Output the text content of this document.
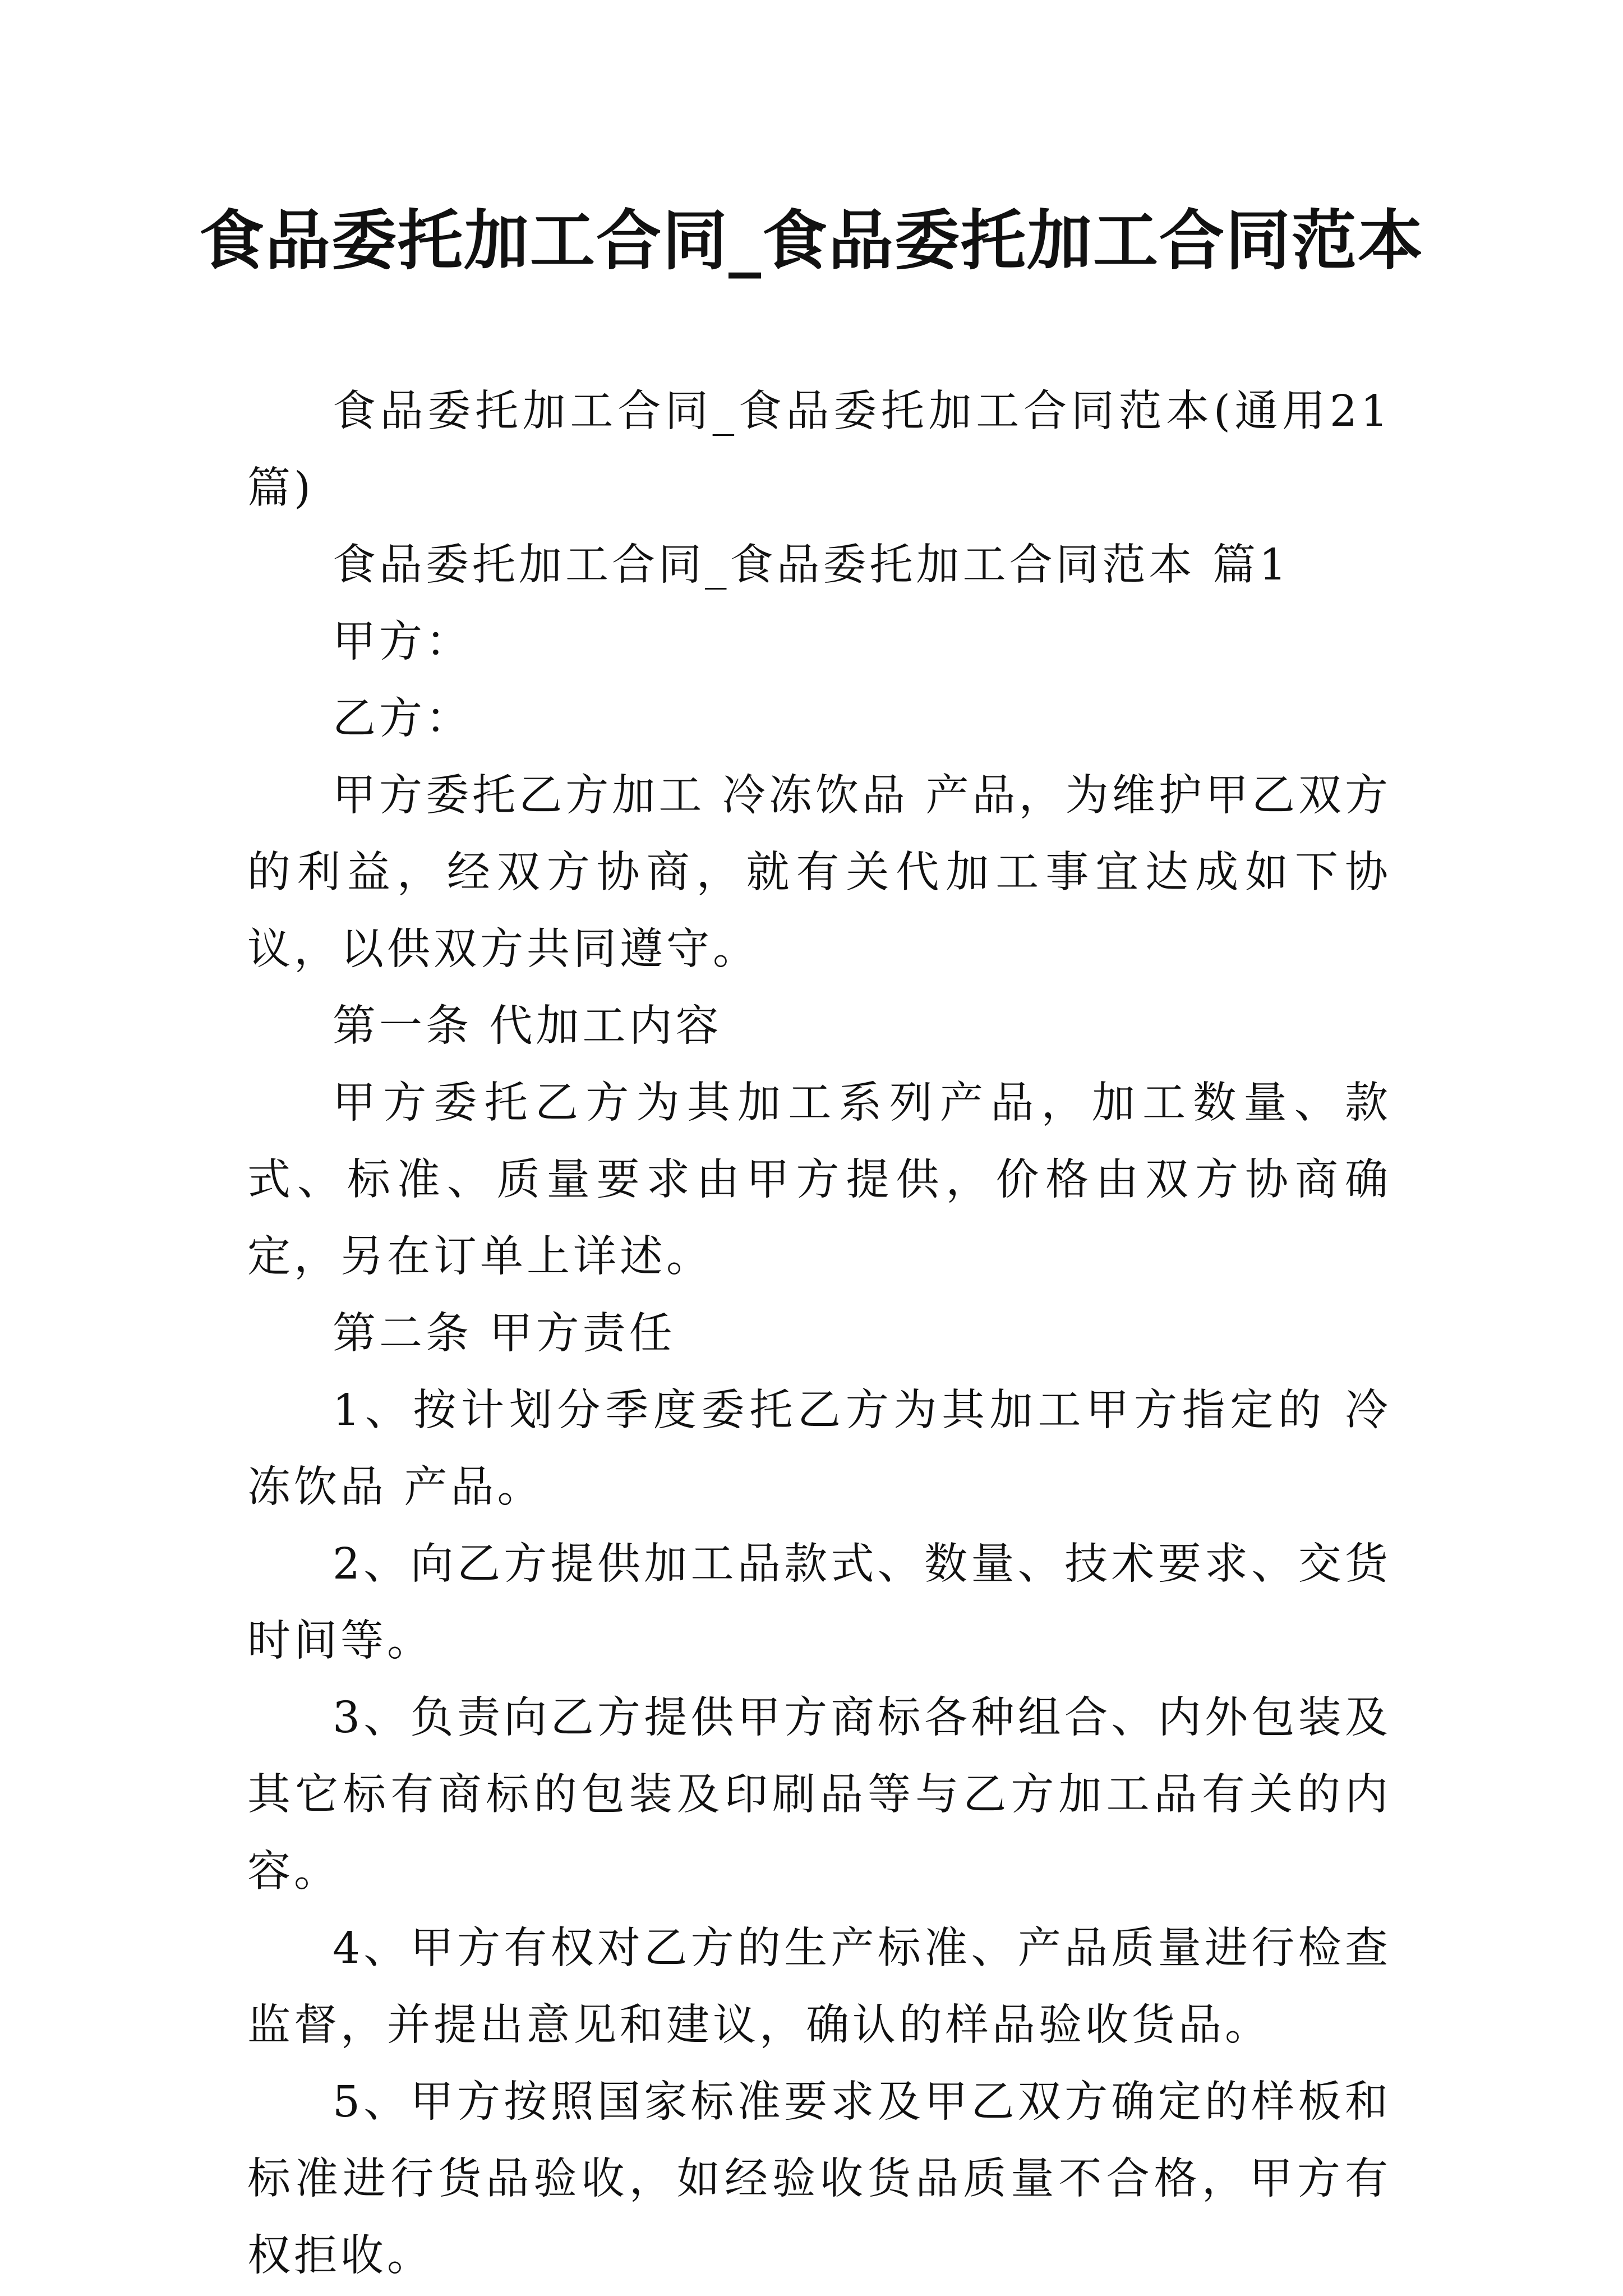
食品委托加工合同_食品委托加工合同范本

食品委托加工合同_食品委托加工合同范本(通用21篇)

食品委托加工合同_食品委托加工合同范本 篇1

甲方：

乙方：

甲方委托乙方加工 冷冻饮品 产品，为维护甲乙双方的利益，经双方协商，就有关代加工事宜达成如下协议，以供双方共同遵守。

第一条 代加工内容

甲方委托乙方为其加工系列产品，加工数量、款式、标准、质量要求由甲方提供，价格由双方协商确定，另在订单上详述。

第二条 甲方责任

1、按计划分季度委托乙方为其加工甲方指定的 冷冻饮品 产品。

2、向乙方提供加工品款式、数量、技术要求、交货时间等。

3、负责向乙方提供甲方商标各种组合、内外包装及其它标有商标的包装及印刷品等与乙方加工品有关的内容。

4、甲方有权对乙方的生产标准、产品质量进行检查监督，并提出意见和建议，确认的样品验收货品。

5、甲方按照国家标准要求及甲乙双方确定的样板和标准进行货品验收，如经验收货品质量不合格，甲方有权拒收。
